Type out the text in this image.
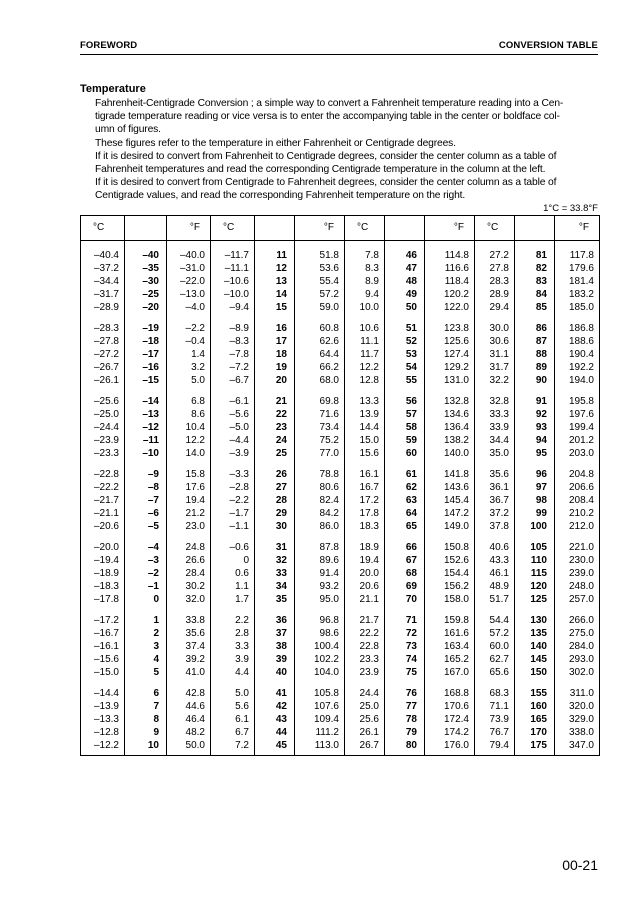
FOREWORD	CONVERSION TABLE
Temperature

Fahrenheit-Centigrade Conversion ; a simple way to convert a Fahrenheit temperature reading into a Cen-

tigrade temperature reading or vice versa is to enter the accompanying table in the center or boldface col-

umn of figures.

These figures refer to the temperature in either Fahrenheit or Centigrade degrees.

If it is desired to convert from Fahrenheit to Centigrade degrees, consider the center column as a table of

Fahrenheit temperatures and read the corresponding Centigrade temperature in the column at the left.

If it is desired to convert from Centigrade to Fahrenheit degrees, consider the center column as a table of

Centigrade values, and read the corresponding Fahrenheit temperature on the right.

1°C = 33.8°F
°C		°F	°C		°F	°C		°F	°C		°F
–40.4	–40	–40.0	–11.7	11	51.8	7.8	46	114.8	27.2	81	117.8
–37.2	–35	–31.0	–11.1	12	53.6	8.3	47	116.6	27.8	82	179.6
–34.4	–30	–22.0	–10.6	13	55.4	8.9	48	118.4	28.3	83	181.4
–31.7	–25	–13.0	–10.0	14	57.2	9.4	49	120.2	28.9	84	183.2
–28.9	–20	–4.0	–9.4	15	59.0	10.0	50	122.0	29.4	85	185.0
–28.3	–19	–2.2	–8.9	16	60.8	10.6	51	123.8	30.0	86	186.8
–27.8	–18	–0.4	–8.3	17	62.6	11.1	52	125.6	30.6	87	188.6
–27.2	–17	1.4	–7.8	18	64.4	11.7	53	127.4	31.1	88	190.4
–26.7	–16	3.2	–7.2	19	66.2	12.2	54	129.2	31.7	89	192.2
–26.1	–15	5.0	–6.7	20	68.0	12.8	55	131.0	32.2	90	194.0
–25.6	–14	6.8	–6.1	21	69.8	13.3	56	132.8	32.8	91	195.8
–25.0	–13	8.6	–5.6	22	71.6	13.9	57	134.6	33.3	92	197.6
–24.4	–12	10.4	–5.0	23	73.4	14.4	58	136.4	33.9	93	199.4
–23.9	–11	12.2	–4.4	24	75.2	15.0	59	138.2	34.4	94	201.2
–23.3	–10	14.0	–3.9	25	77.0	15.6	60	140.0	35.0	95	203.0
–22.8	–9	15.8	–3.3	26	78.8	16.1	61	141.8	35.6	96	204.8
–22.2	–8	17.6	–2.8	27	80.6	16.7	62	143.6	36.1	97	206.6
–21.7	–7	19.4	–2.2	28	82.4	17.2	63	145.4	36.7	98	208.4
–21.1	–6	21.2	–1.7	29	84.2	17.8	64	147.2	37.2	99	210.2
–20.6	–5	23.0	–1.1	30	86.0	18.3	65	149.0	37.8	100	212.0
–20.0	–4	24.8	–0.6	31	87.8	18.9	66	150.8	40.6	105	221.0
–19.4	–3	26.6	0	32	89.6	19.4	67	152.6	43.3	110	230.0
–18.9	–2	28.4	0.6	33	91.4	20.0	68	154.4	46.1	115	239.0
–18.3	–1	30.2	1.1	34	93.2	20.6	69	156.2	48.9	120	248.0
–17.8	0	32.0	1.7	35	95.0	21.1	70	158.0	51.7	125	257.0
–17.2	1	33.8	2.2	36	96.8	21.7	71	159.8	54.4	130	266.0
–16.7	2	35.6	2.8	37	98.6	22.2	72	161.6	57.2	135	275.0
–16.1	3	37.4	3.3	38	100.4	22.8	73	163.4	60.0	140	284.0
–15.6	4	39.2	3.9	39	102.2	23.3	74	165.2	62.7	145	293.0
–15.0	5	41.0	4.4	40	104.0	23.9	75	167.0	65.6	150	302.0
–14.4	6	42.8	5.0	41	105.8	24.4	76	168.8	68.3	155	311.0
–13.9	7	44.6	5.6	42	107.6	25.0	77	170.6	71.1	160	320.0
–13.3	8	46.4	6.1	43	109.4	25.6	78	172.4	73.9	165	329.0
–12.8	9	48.2	6.7	44	111.2	26.1	79	174.2	76.7	170	338.0
–12.2	10	50.0	7.2	45	113.0	26.7	80	176.0	79.4	175	347.0
00-21
